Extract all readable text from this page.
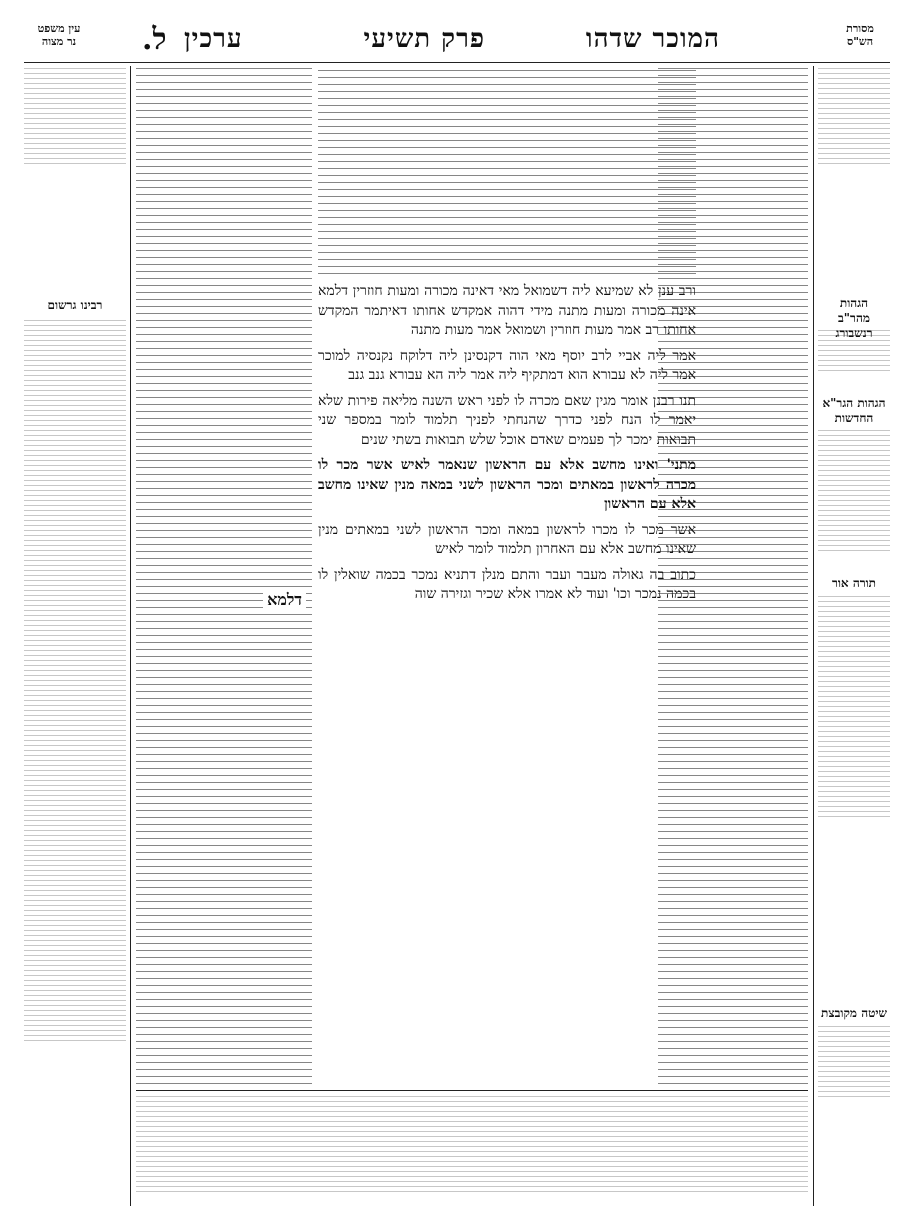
מסורת
הש"ס
המוכר שדהו
פרק תשיעי
ערכין
ל.
עין משפט
נר מצוה
הגהות
מהר"ב רנשבורג
הגהות הגר"א
החדשות
תורה אור
שיטה מקובצת

ורב ענן לא שמיעא ליה דשמואל מאי דאינה מכורה ומעות חוזרין דלמא אינה מכורה ומעות מתנה מידי דהוה אמקדש אחותו דאיתמר המקדש אחותו רב אמר מעות חוזרין ושמואל אמר מעות מתנה

אמר ליה אביי לרב יוסף מאי הוה דקנסינן ליה דלוקח נקנסיה למוכר אמר ליה לא עבורא הוא דמתקיף ליה אמר ליה הא עבורא גנב גנב

תנו רבנן אומר מגין שאם מכרה לו לפני ראש השנה מליאה פירות שלא יאמר לו הנח לפני כדרך שהנחתי לפניך תלמוד לומר במספר שני תבואות ימכר לך פעמים שאדם אוכל שלש תבואות בשתי שנים

מתני' ואינו מחשב אלא עם הראשון שנאמר לאיש אשר מכר לו מכרה לראשון במאתים ומכר הראשון לשני במאה מנין שאינו מחשב אלא עם הראשון

אשר מכר לו מכרו לראשון במאה ומכר הראשון לשני במאתים מנין שאינו מחשב אלא עם האחרון תלמוד לומר לאיש

כתוב בה גאולה מעבר ועבר והתם מנלן דתניא נמכר בכמה שואלין לו בכמה נמכר וכו' ועוד לא אמרו אלא שכיר וגזירה שוה

דלמא
רבינו גרשום
